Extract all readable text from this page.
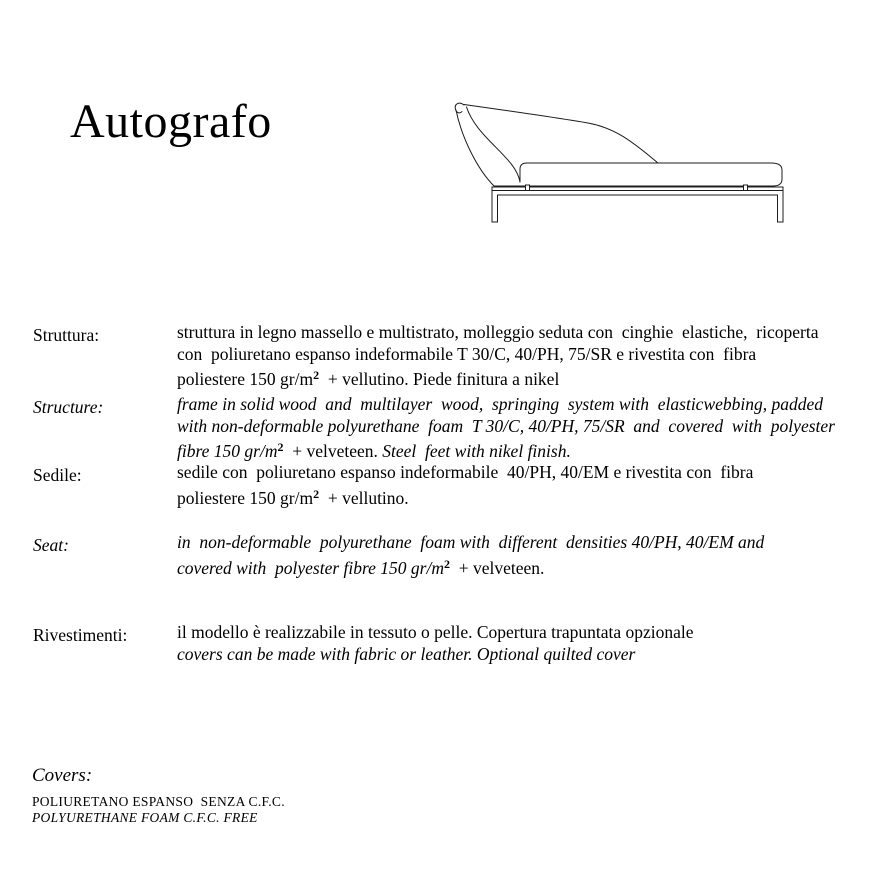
Autografo
Struttura:	struttura in legno massello e multistrato, molleggio seduta con  cinghie  elastiche,  ricoperta
con  poliuretano espanso indeformabile T 30/C, 40/PH, 75/SR e rivestita con  fibra
poliestere 150 $gr/m^2$  + vellutino. Piede finitura a nikel
Structure:	frame in solid wood  and  multilayer  wood,  springing  system with  elasticwebbing, padded
with non-deformable polyurethane  foam  T 30/C, 40/PH, 75/SR  and  covered  with  polyester
fibre 150 $gr/m^2$  + velveteen. Steel  feet with nikel finish.
Sedile:	sedile con  poliuretano espanso indeformabile  40/PH, 40/EM e rivestita con  fibra
poliestere 150 $gr/m^2$  + vellutino.
Seat:	in  non-deformable  polyurethane  foam with  different  densities 40/PH, 40/EM and
covered with  polyester fibre 150 $gr/m^2$  + velveteen.
Rivestimenti:	il modello è realizzabile in tessuto o pelle. Copertura trapuntata opzionale
covers can be made with fabric or leather. Optional quilted cover
Covers:
POLIURETANO ESPANSO  SENZA C.F.C.
POLYURETHANE FOAM C.F.C. FREE
